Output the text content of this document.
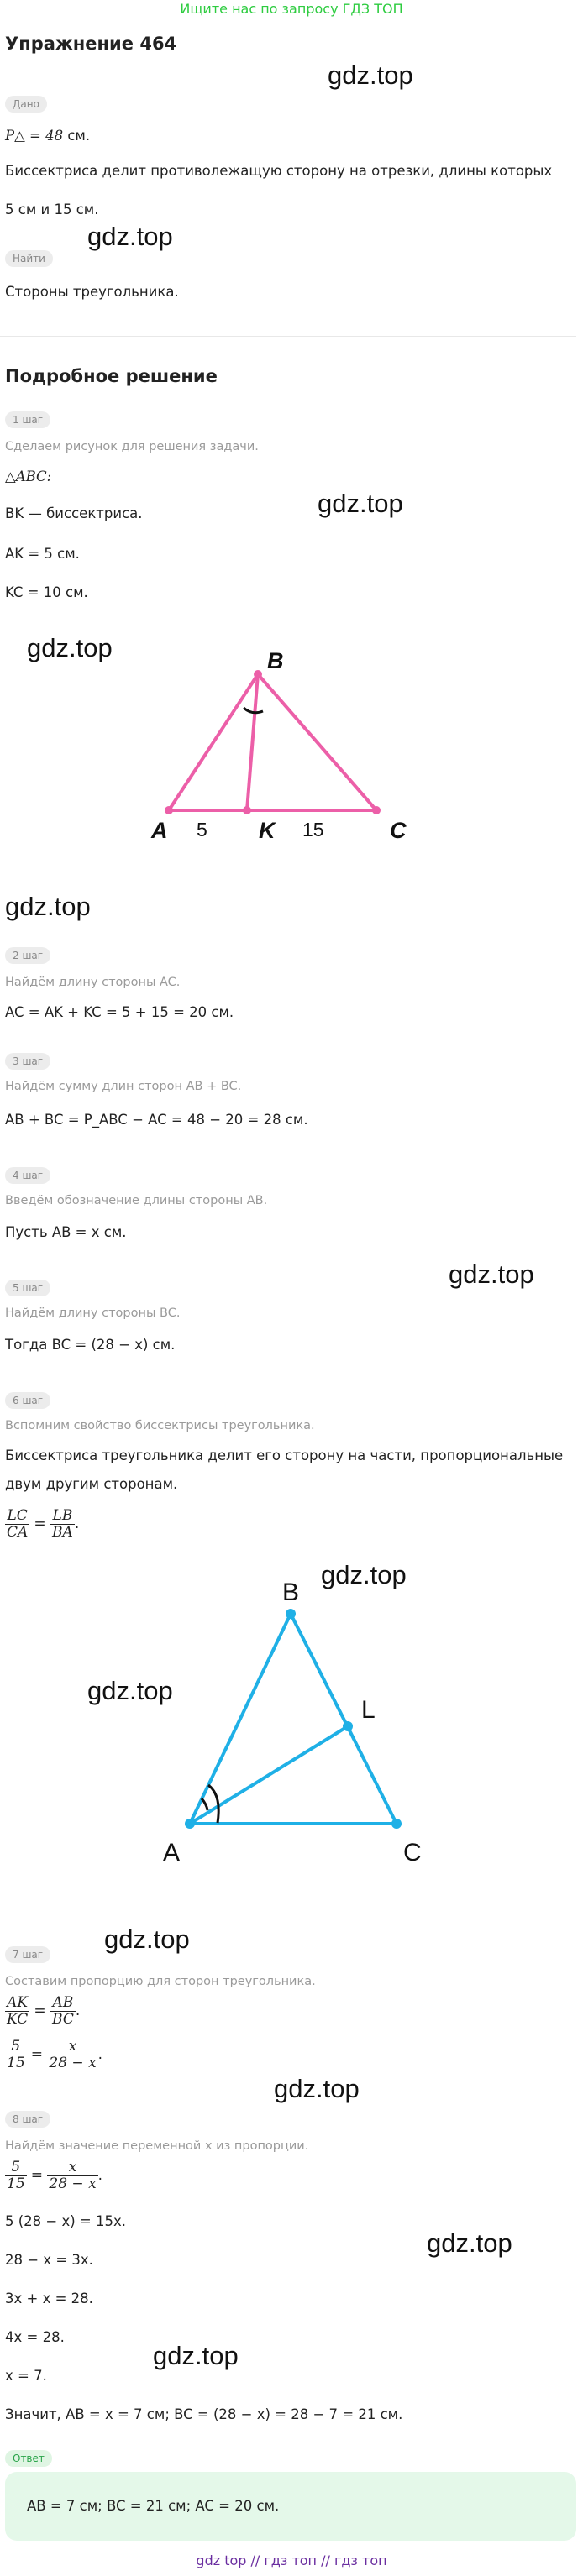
Ищите нас по запросу ГДЗ ТОП
Упражнение 464
gdz.top
gdz.top
gdz.top
gdz.top
gdz.top
gdz.top
gdz.top
gdz.top
gdz.top
gdz.top
gdz.top
gdz.top
Дано
P△ = 48 см.
Биссектриса делит противолежащую сторону на отрезки, длины которых
5 см и 15 см.
Найти
Стороны треугольника.
Подробное решение
1 шаг
Сделаем рисунок для решения задачи.
△ABC:
BK — биссектриса.
AK = 5 см.
KC = 10 см.
A
B
C
K
5	15
2 шаг
Найдём длину стороны AC.
AC = AK + KC = 5 + 15 = 20 см.
3 шаг
Найдём сумму длин сторон AB + BC.
AB + BC = P_ABC − AC = 48 − 20 = 28 см.
4 шаг
Введём обозначение длины стороны AB.
Пусть AB = x см.
5 шаг
Найдём длину стороны BC.
Тогда BC = (28 − x) см.
6 шаг
Вспомним свойство биссектрисы треугольника.
Биссектриса треугольника делит его сторону на части, пропорциональные
двум другим сторонам.
$\frac{LC}{CA} = \frac{LB}{BA}$ .
A
B
C
L
7 шаг
Составим пропорцию для сторон треугольника.
$\frac{AK}{KC} = \frac{AB}{BC}$ .
$\frac{5}{15} = \frac{x}{28 - x}$ .
8 шаг
Найдём значение переменной x из пропорции.
$\frac{5}{15} = \frac{x}{28 - x}$ .
5 (28 − x) = 15x.
28 − x = 3x.
3x + x = 28.
4x = 28.
x = 7.
Значит, AB = x = 7 см; BC = (28 − x) = 28 − 7 = 21 см.
Ответ
AB = 7 см; BC = 21 см; AC = 20 см.
gdz top // гдз топ // гдз топ
